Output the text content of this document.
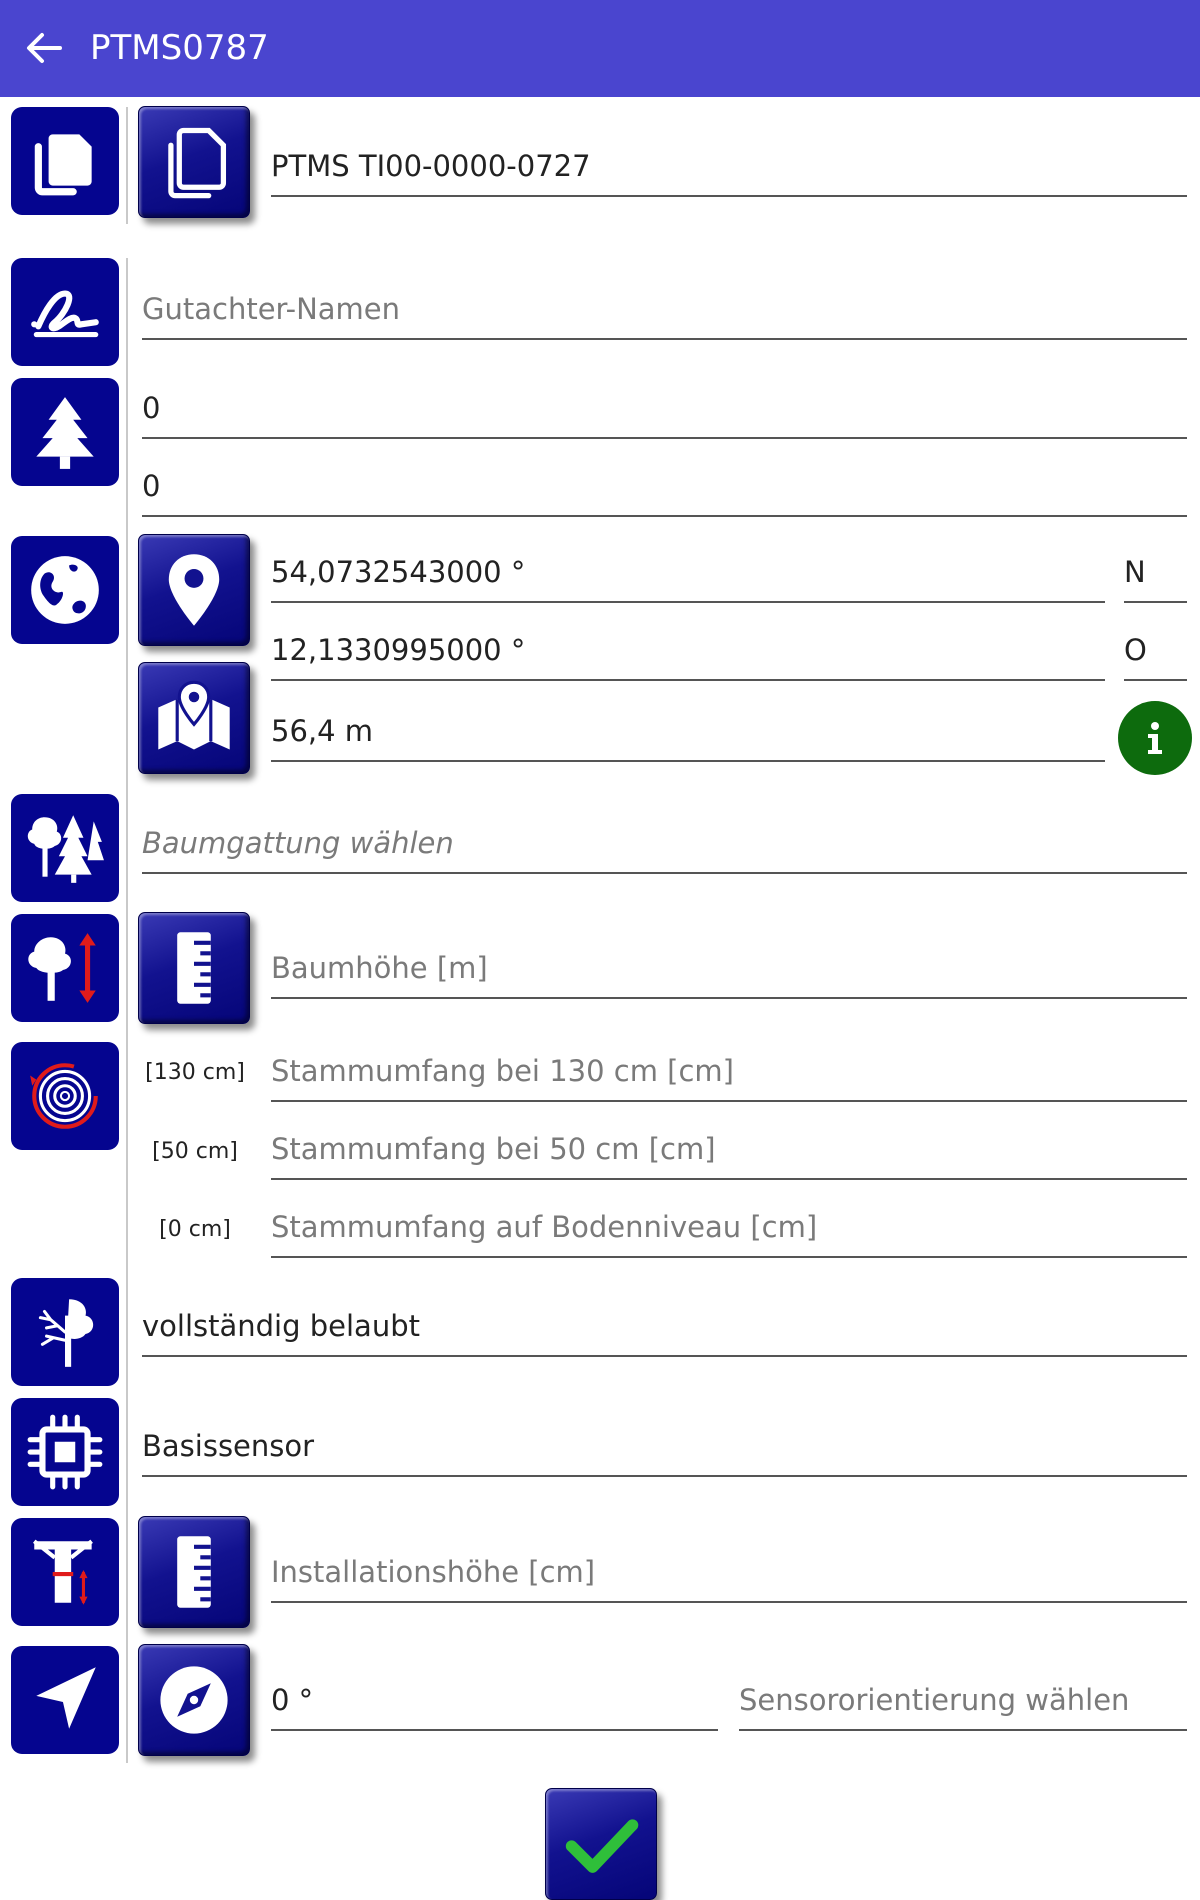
PTMS0787
PTMS TI00-0000-0727
Gutachter-Namen
0
0
54,0732543000 °	N
12,1330995000 °	O
56,4 m
Baumgattung wählen
Baumhöhe [m]
[130 cm] Stammumfang bei 130 cm [cm]
[50 cm]	Stammumfang bei 50 cm [cm]
[0 cm]	Stammumfang auf Bodenniveau [cm]
vollständig belaubt
Basissensor
Installationshöhe [cm]
0 °	Sensororientierung wählen
